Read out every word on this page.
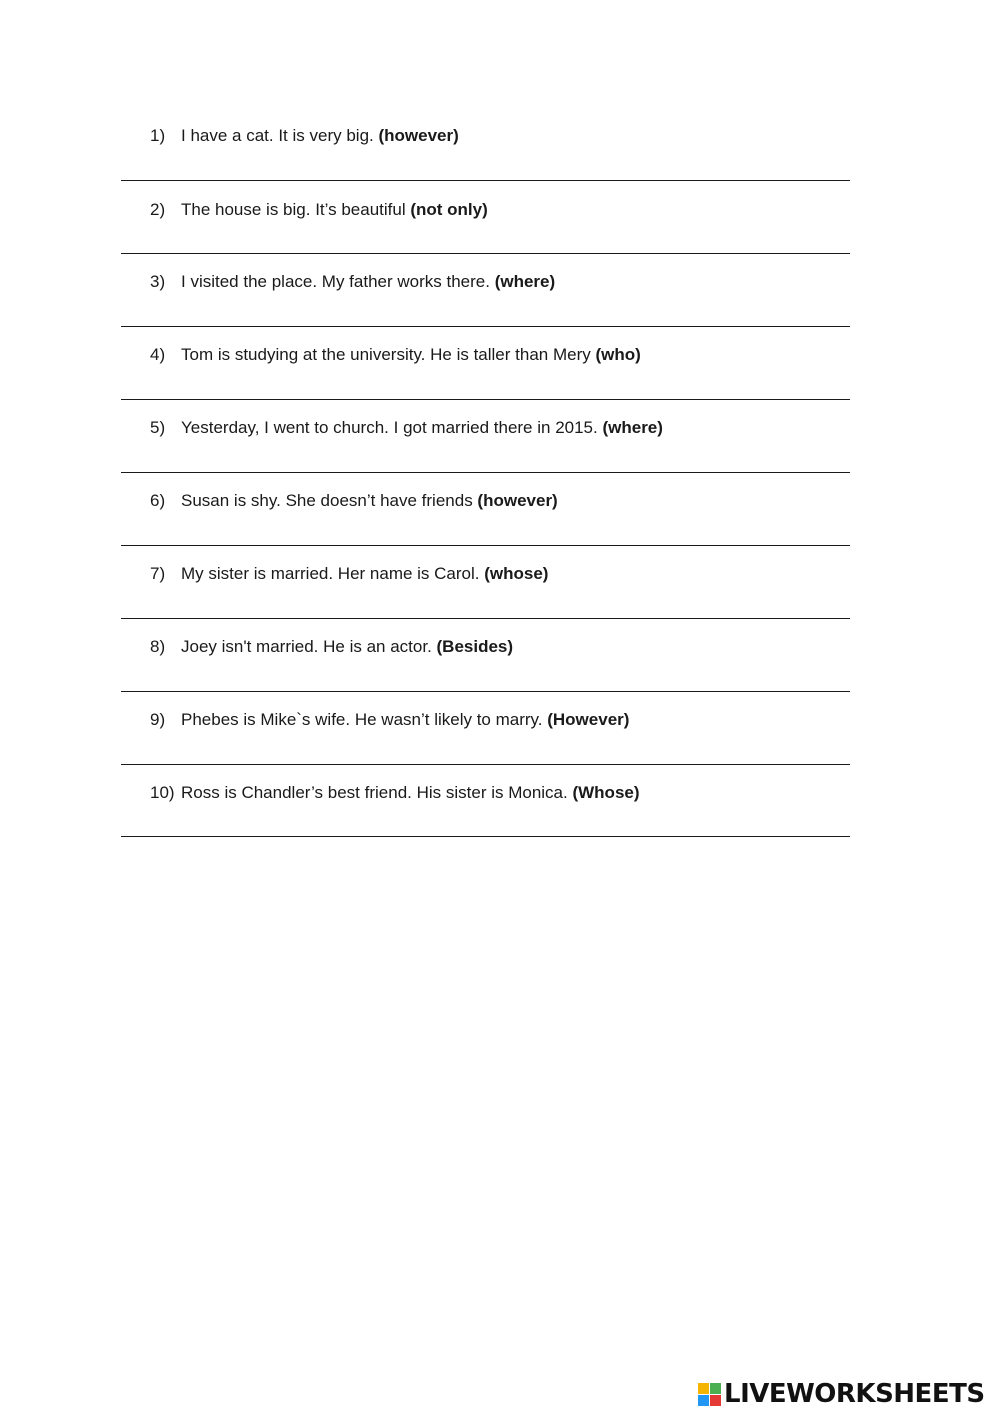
1) I have a cat. It is very big. (however)
2) The house is big. It’s beautiful (not only)
3) I visited the place. My father works there. (where)
4) Tom is studying at the university. He is taller than Mery (who)
5) Yesterday, I went to church. I got married there in 2015. (where)
6) Susan is shy. She doesn’t have friends (however)
7) My sister is married. Her name is Carol. (whose)
8) Joey isn't married. He is an actor. (Besides)
9) Phebes is Mike`s wife. He wasn’t likely to marry. (However)
10) Ross is Chandler’s best friend. His sister is Monica. (Whose)
LIVEWORKSHEETS
